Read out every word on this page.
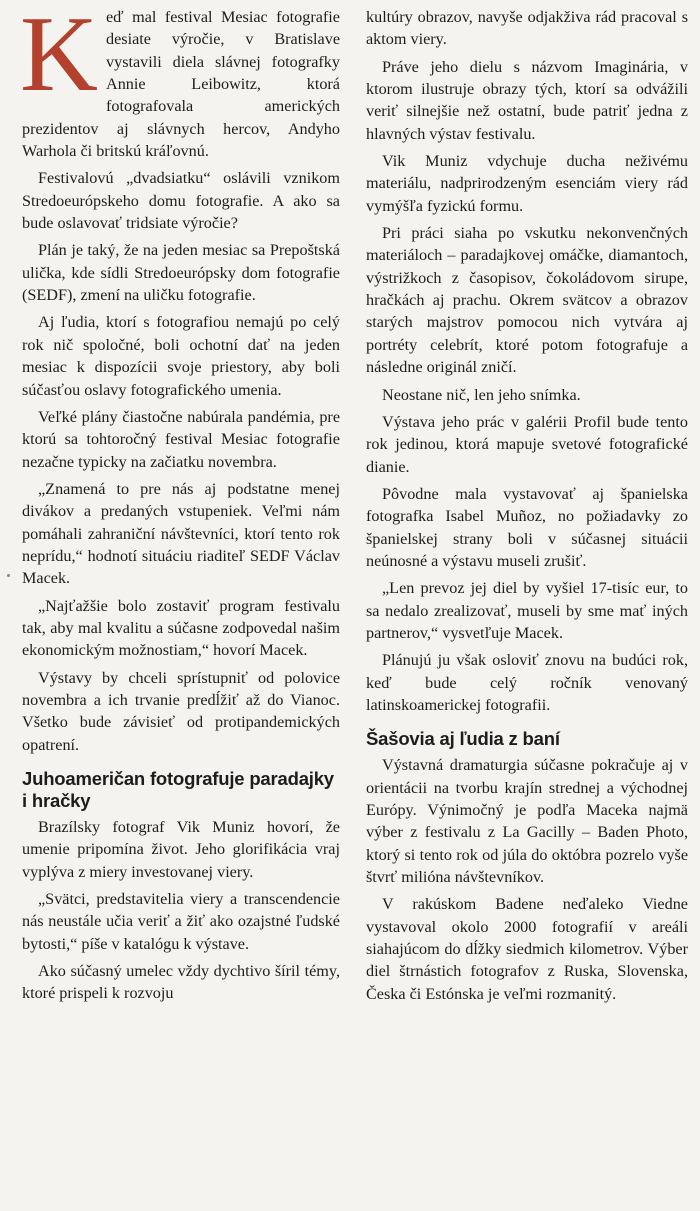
Keď mal festival Mesiac fotografie desiate výročie, v Bratislave vystavili diela slávnej fotografky Annie Leibowitz, ktorá fotografovala amerických prezidentov aj slávnych hercov, Andyho Warhola či britskú kráľovnú.

Festivalovú „dvadsiatku“ oslávili vznikom Stredoeurópskeho domu fotografie. A ako sa bude oslavovať tridsiate výročie?

Plán je taký, že na jeden mesiac sa Prepoštská ulička, kde sídli Stredoeurópsky dom fotografie (SEDF), zmení na uličku fotografie.

Aj ľudia, ktorí s fotografiou nemajú po celý rok nič spoločné, boli ochotní dať na jeden mesiac k dispozícii svoje priestory, aby boli súčasťou oslavy fotografického umenia.

Veľké plány čiastočne nabúrala pandémia, pre ktorú sa tohtoročný festival Mesiac fotografie nezačne typicky na začiatku novembra.

„Znamená to pre nás aj podstatne menej divákov a predaných vstupeniek. Veľmi nám pomáhali zahraniční návštevníci, ktorí tento rok neprídu,“ hodnotí situáciu riaditeľ SEDF Václav Macek.

„Najťažšie bolo zostaviť program festivalu tak, aby mal kvalitu a súčasne zodpovedal našim ekonomickým možnostiam,“ hovorí Macek.

Výstavy by chceli sprístupniť od polovice novembra a ich trvanie predĺžiť až do Vianoc. Všetko bude závisieť od protipandemických opatrení.

Juhoameričan fotografuje paradajky i hračky

Brazílsky fotograf Vik Muniz hovorí, že umenie pripomína život. Jeho glorifikácia vraj vyplýva z miery investovanej viery.

„Svätci, predstavitelia viery a transcendencie nás neustále učia veriť a žiť ako ozajstné ľudské bytosti,“ píše v katalógu k výstave.

Ako súčasný umelec vždy dychtivo šíril témy, ktoré prispeli k rozvoju

kultúry obrazov, navyše odjakživa rád pracoval s aktom viery.

Práve jeho dielu s názvom Imaginária, v ktorom ilustruje obrazy tých, ktorí sa odvážili veriť silnejšie než ostatní, bude patriť jedna z hlavných výstav festivalu.

Vik Muniz vdychuje ducha neživému materiálu, nadprirodzeným esenciám viery rád vymýšľa fyzickú formu.

Pri práci siaha po vskutku nekonvenčných materiáloch – paradajkovej omáčke, diamantoch, výstrižkoch z časopisov, čokoládovom sirupe, hračkách aj prachu. Okrem svätcov a obrazov starých majstrov pomocou nich vytvára aj portréty celebrít, ktoré potom fotografuje a následne originál zničí.

Neostane nič, len jeho snímka.

Výstava jeho prác v galérii Profil bude tento rok jedinou, ktorá mapuje svetové fotografické dianie.

Pôvodne mala vystavovať aj španielska fotografka Isabel Muñoz, no požiadavky zo španielskej strany boli v súčasnej situácii neúnosné a výstavu museli zrušiť.

„Len prevoz jej diel by vyšiel 17-tisíc eur, to sa nedalo zrealizovať, museli by sme mať iných partnerov,“ vysvetľuje Macek.

Plánujú ju však osloviť znovu na budúci rok, keď bude celý ročník venovaný latinskoamerickej fotografii.

Šašovia aj ľudia z baní

Výstavná dramaturgia súčasne pokračuje aj v orientácii na tvorbu krajín strednej a východnej Európy. Výnimočný je podľa Maceka najmä výber z festivalu z La Gacilly – Baden Photo, ktorý si tento rok od júla do októbra pozrelo vyše štvrť milióna návštevníkov.

V rakúskom Badene neďaleko Viedne vystavoval okolo 2000 fotografií v areáli siahajúcom do dĺžky siedmich kilometrov. Výber diel štrnástich fotografov z Ruska, Slovenska, Česka či Estónska je veľmi rozmanitý.
